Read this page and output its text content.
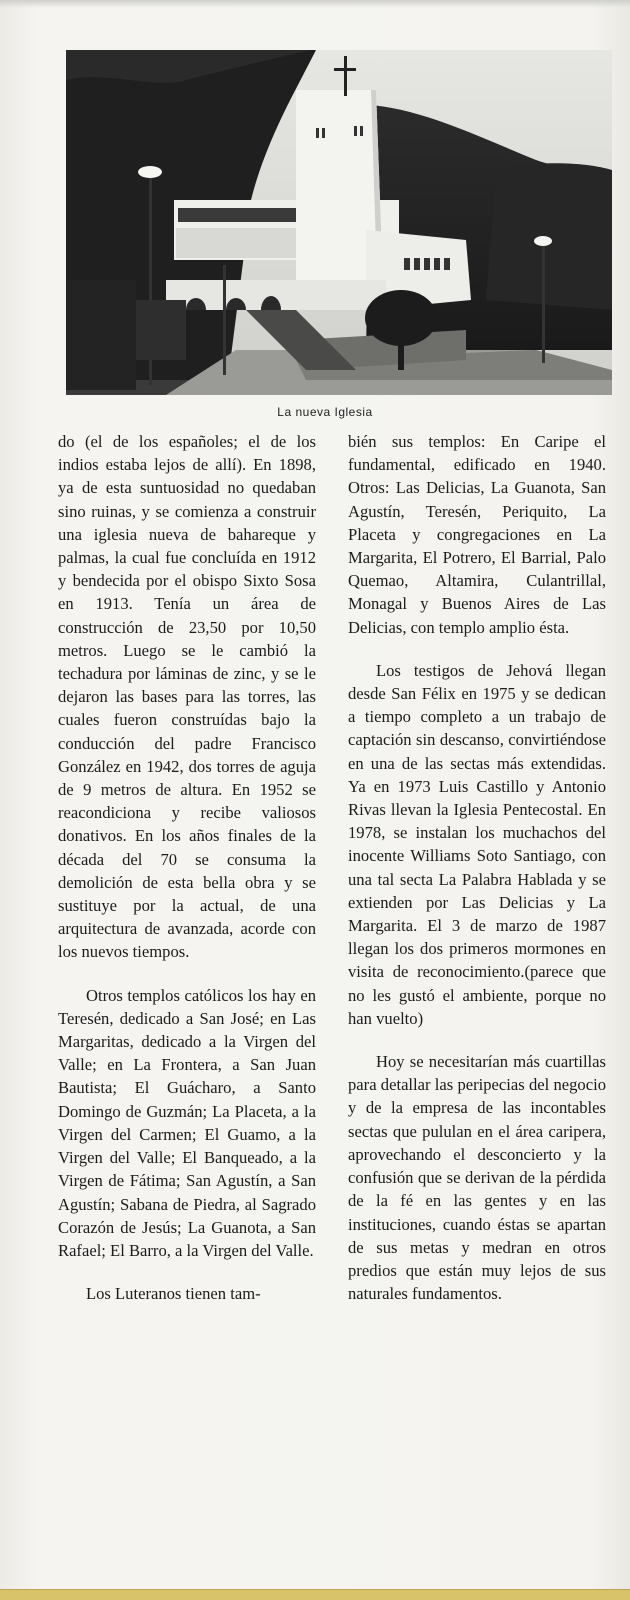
La nueva Iglesia

do (el de los españoles; el de los indios estaba lejos de allí). En 1898, ya de esta suntuosidad no quedaban sino ruinas, y se comienza a construir una iglesia nueva de bahareque y palmas, la cual fue concluída en 1912 y bendecida por el obispo Sixto Sosa en 1913. Tenía un área de construcción de 23,50 por 10,50 metros. Luego se le cambió la techadura por láminas de zinc, y se le dejaron las bases para las torres, las cuales fueron construídas bajo la conducción del padre Francisco González en 1942, dos torres de aguja de 9 metros de altura. En 1952 se reacondiciona y recibe valiosos donativos. En los años finales de la década del 70 se consuma la demolición de esta bella obra y se sustituye por la actual, de una arquitectura de avanzada, acorde con los nuevos tiempos.

Otros templos católicos los hay en Teresén, dedicado a San José; en Las Margaritas, dedicado a la Virgen del Valle; en La Frontera, a San Juan Bautista; El Guácharo, a Santo Domingo de Guzmán; La Placeta, a la Virgen del Carmen; El Guamo, a la Virgen del Valle; El Banqueado, a la Virgen de Fátima; San Agustín, a San Agustín; Sabana de Piedra, al Sagrado Corazón de Jesús; La Guanota, a San Rafael; El Barro, a la Virgen del Valle.

Los Luteranos tienen tam-

bién sus templos: En Caripe el fundamental, edificado en 1940. Otros: Las Delicias, La Guanota, San Agustín, Teresén, Periquito, La Placeta y congregaciones en La Margarita, El Potrero, El Barrial, Palo Quemao, Altamira, Culantrillal, Monagal y Buenos Aires de Las Delicias, con templo amplio ésta.

Los testigos de Jehová llegan desde San Félix en 1975 y se dedican a tiempo completo a un trabajo de captación sin descanso, convirtiéndose en una de las sectas más extendidas. Ya en 1973 Luis Castillo y Antonio Rivas llevan la Iglesia Pentecostal. En 1978, se instalan los muchachos del inocente Williams Soto Santiago, con una tal secta La Palabra Hablada y se extienden por Las Delicias y La Margarita. El 3 de marzo de 1987 llegan los dos primeros mormones en visita de reconocimiento.(parece que no les gustó el ambiente, porque no han vuelto)

Hoy se necesitarían más cuartillas para detallar las peripecias del negocio y de la empresa de las incontables sectas que pululan en el área caripera, aprovechando el desconcierto y la confusión que se derivan de la pérdida de la fé en las gentes y en las instituciones, cuando éstas se apartan de sus metas y medran en otros predios que están muy lejos de sus naturales fundamentos.
